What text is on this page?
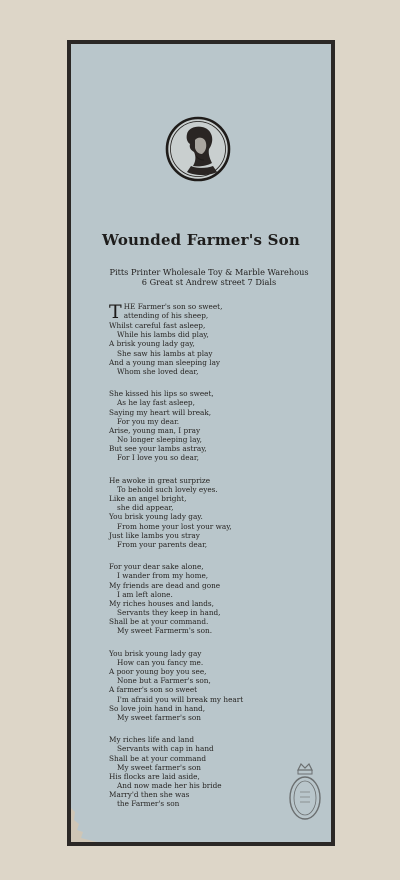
Wounded Farmer's Son
Pitts Printer Wholesale Toy & Marble Warehous
6 Great st Andrew street 7 Dials
T HE Farmer's son so sweet,
attending of his sheep,
Whilst careful fast asleep,
While his lambs did play,
A brisk young lady gay,
She saw his lambs at play
And a young man sleeping lay
Whom she loved dear,
She kissed his lips so sweet,
As he lay fast asleep,
Saying my heart will break,
For you my dear.
Arise, young man, I pray
No longer sleeping lay,
But see your lambs astray,
For I love you so dear,
He awoke in great surprize
To behold such lovely eyes.
Like an angel bright,
she did appear,
You brisk young lady gay.
From home your lost your way,
Just like lambs you stray
From your parents dear,
For your dear sake alone,
I wander from my home,
My friends are dead and gone
I am left alone.
My riches houses and lands,
Servants they keep in hand,
Shall be at your command.
My sweet Farmerm's son.
You brisk young lady gay
How can you fancy me.
A poor young boy you see,
None but a Farmer's son,
A farmer's son so sweet
I'm afraid you will break my heart
So love join hand in hand,
My sweet farmer's son
My riches life and land
Servants with cap in hand
Shall be at your command
My sweet farmer's son
His flocks are laid aside,
And now made her his bride
Marry'd then she was
the Farmer's son
